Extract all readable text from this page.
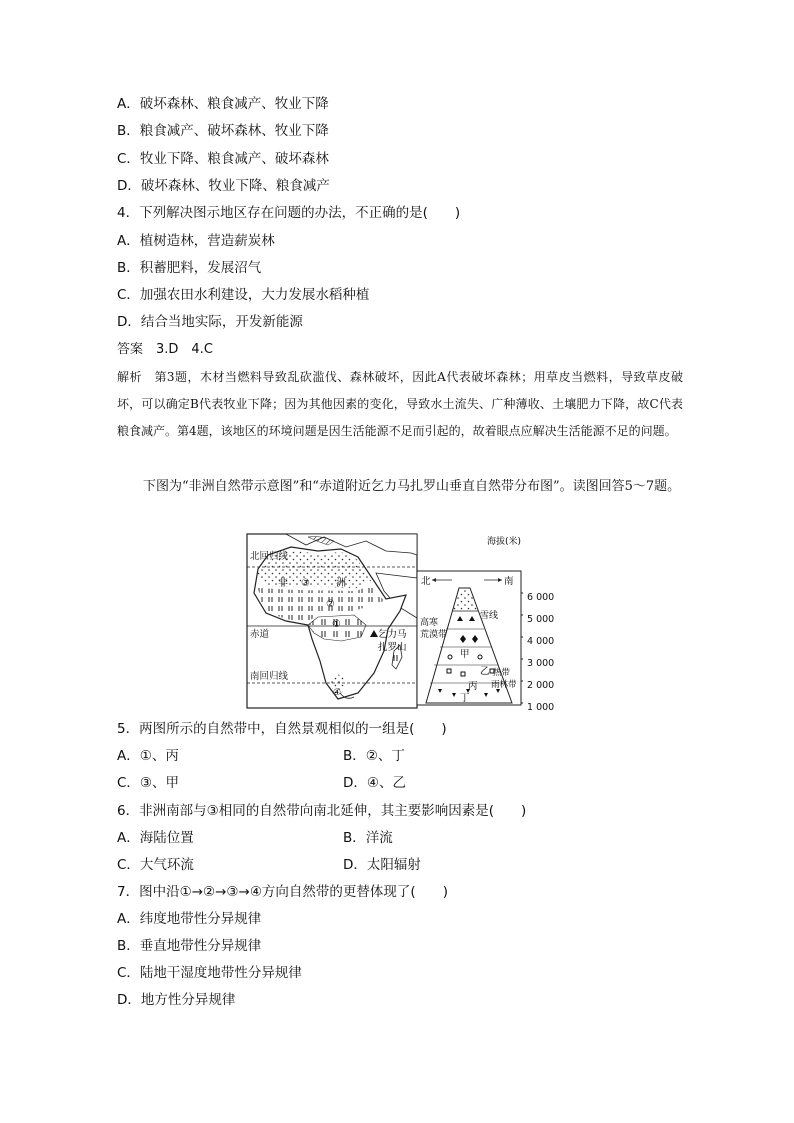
A．破坏森林、粮食减产、牧业下降
B．粮食减产、破坏森林、牧业下降
C．牧业下降、粮食减产、破坏森林
D．破坏森林、牧业下降、粮食减产
4．下列解决图示地区存在问题的办法，不正确的是(　　)
A．植树造林，营造薪炭林
B．积蓄肥料，发展沼气
C．加强农田水利建设，大力发展水稻种植
D．结合当地实际，开发新能源
答案　3.D　4.C
解析　第3题，木材当燃料导致乱砍滥伐、森林破坏，因此A代表破坏森林；用草皮当燃料，导致草皮破坏，可以确定B代表牧业下降；因为其他因素的变化，导致水土流失、广种薄收、土壤肥力下降，故C代表粮食减产。第4题，该地区的环境问题是因生活能源不足而引起的，故着眼点应解决生活能源不足的问题。
下图为“非洲自然带示意图”和“赤道附近乞力马扎罗山垂直自然带分布图”。读图回答5～7题。
北回归线
赤道
南回归线
非 ③	洲
②
①
④
乞力马
扎罗山
海拔(米)
北	南
高寒
荒漠带
雪线
甲
乙
丙
丁
热带
雨林带
6 000
5 000
4 000
3 000
2 000
1 000
5．两图所示的自然带中，自然景观相似的一组是(　　)
A．①、丙	B．②、丁
C．③、甲	D．④、乙
6．非洲南部与③相同的自然带向南北延伸，其主要影响因素是(　　)
A．海陆位置	B．洋流
C．大气环流	D．太阳辐射
7．图中沿①→②→③→④方向自然带的更替体现了(　　)
A．纬度地带性分异规律
B．垂直地带性分异规律
C．陆地干湿度地带性分异规律
D．地方性分异规律
